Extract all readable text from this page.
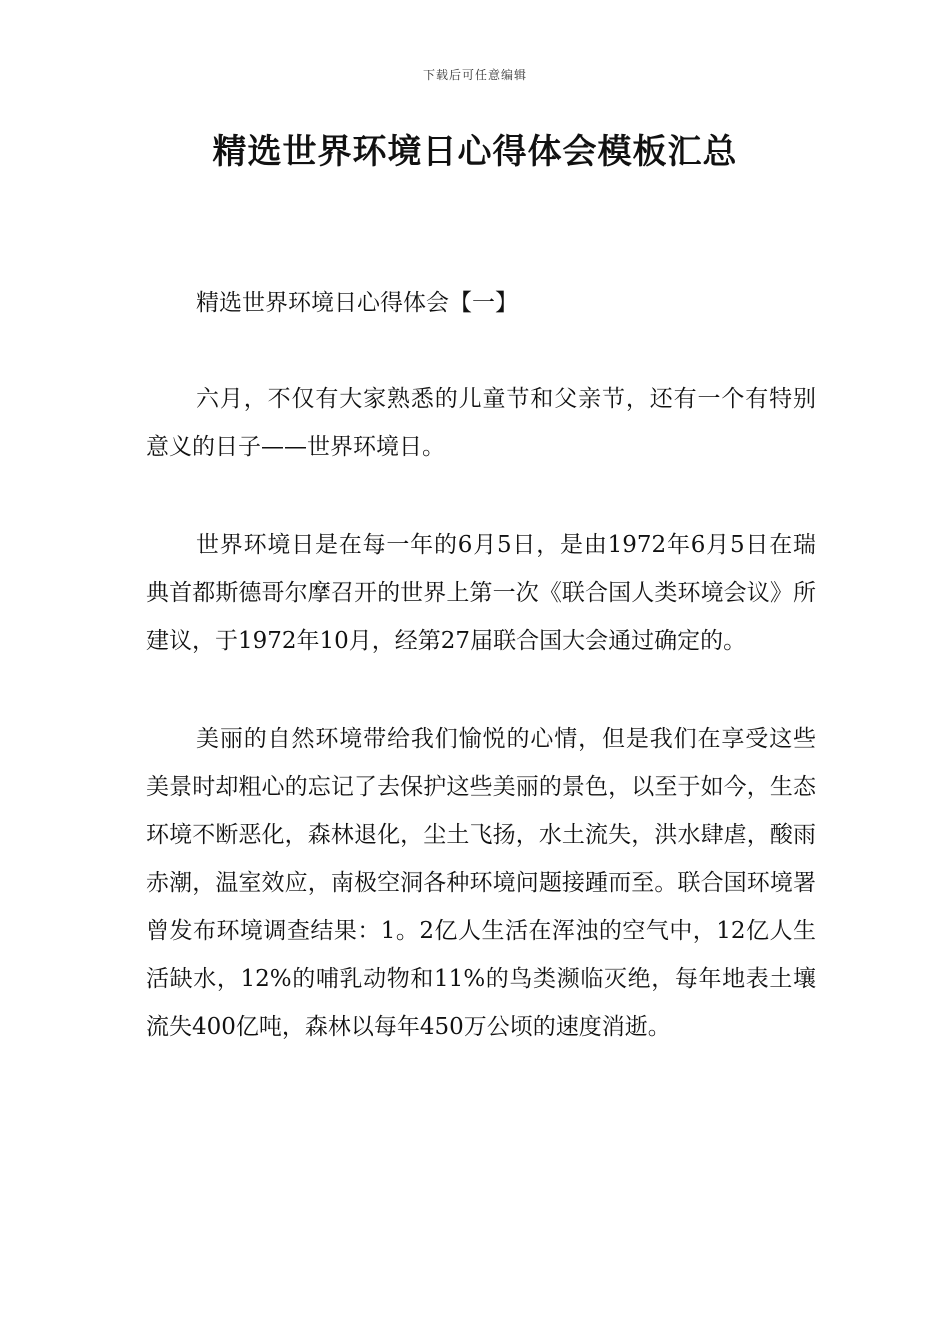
下载后可任意编辑
精选世界环境日心得体会模板汇总
精选世界环境日心得体会【一】

六月，不仅有大家熟悉的儿童节和父亲节，还有一个有特别意义的日子——世界环境日。

世界环境日是在每一年的6月5日，是由1972年6月5日在瑞典首都斯德哥尔摩召开的世界上第一次《联合国人类环境会议》所建议，于1972年10月，经第27届联合国大会通过确定的。

美丽的自然环境带给我们愉悦的心情，但是我们在享受这些美景时却粗心的忘记了去保护这些美丽的景色，以至于如今，生态环境不断恶化，森林退化，尘土飞扬，水土流失，洪水肆虐，酸雨赤潮，温室效应，南极空洞各种环境问题接踵而至。联合国环境署曾发布环境调查结果：1。2亿人生活在浑浊的空气中，12亿人生活缺水，12%的哺乳动物和11%的鸟类濒临灭绝，每年地表土壤流失400亿吨，森林以每年450万公顷的速度消逝。
